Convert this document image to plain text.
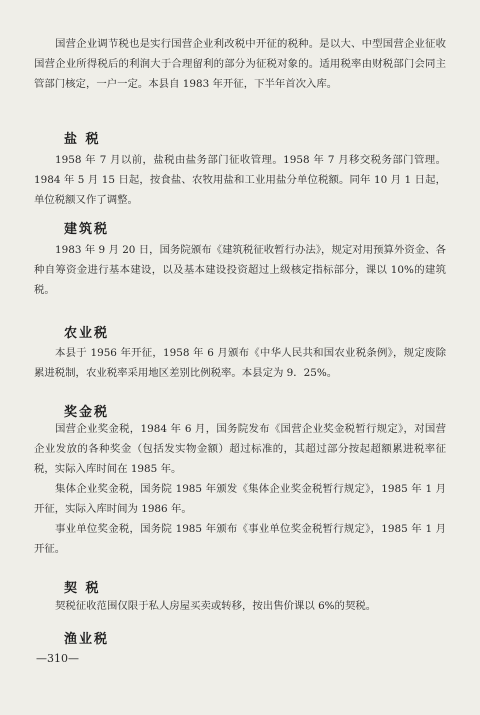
国营企业调节税也是实行国营企业利改税中开征的税种。是以大、中型国营企业征收国营企业所得税后的利润大于合理留利的部分为征税对象的。适用税率由财税部门会同主管部门核定，一户一定。本县自 1983 年开征，下半年首次入库。

盐 税

1958 年 7 月以前，盐税由盐务部门征收管理。1958 年 7 月移交税务部门管理。1984 年 5 月 15 日起，按食盐、农牧用盐和工业用盐分单位税额。同年 10 月 1 日起，单位税额又作了调整。

建筑税

1983 年 9 月 20 日，国务院颁布《建筑税征收暂行办法》，规定对用预算外资金、各种自筹资金进行基本建设，以及基本建设投资超过上级核定指标部分，课以 10%的建筑税。

农业税

本县于 1956 年开征，1958 年 6 月颁布《中华人民共和国农业税条例》，规定废除累进税制，农业税率采用地区差别比例税率。本县定为 9．25%。

奖金税

国营企业奖金税，1984 年 6 月，国务院发布《国营企业奖金税暂行规定》，对国营企业发放的各种奖金（包括发实物金额）超过标准的，其超过部分按起超额累进税率征税，实际入库时间在 1985 年。

集体企业奖金税，国务院 1985 年颁发《集体企业奖金税暂行规定》，1985 年 1 月开征，实际入库时间为 1986 年。

事业单位奖金税，国务院 1985 年颁布《事业单位奖金税暂行规定》，1985 年 1 月开征。

契 税

契税征收范围仅限于私人房屋买卖或转移，按出售价课以 6%的契税。

渔业税
—310—
